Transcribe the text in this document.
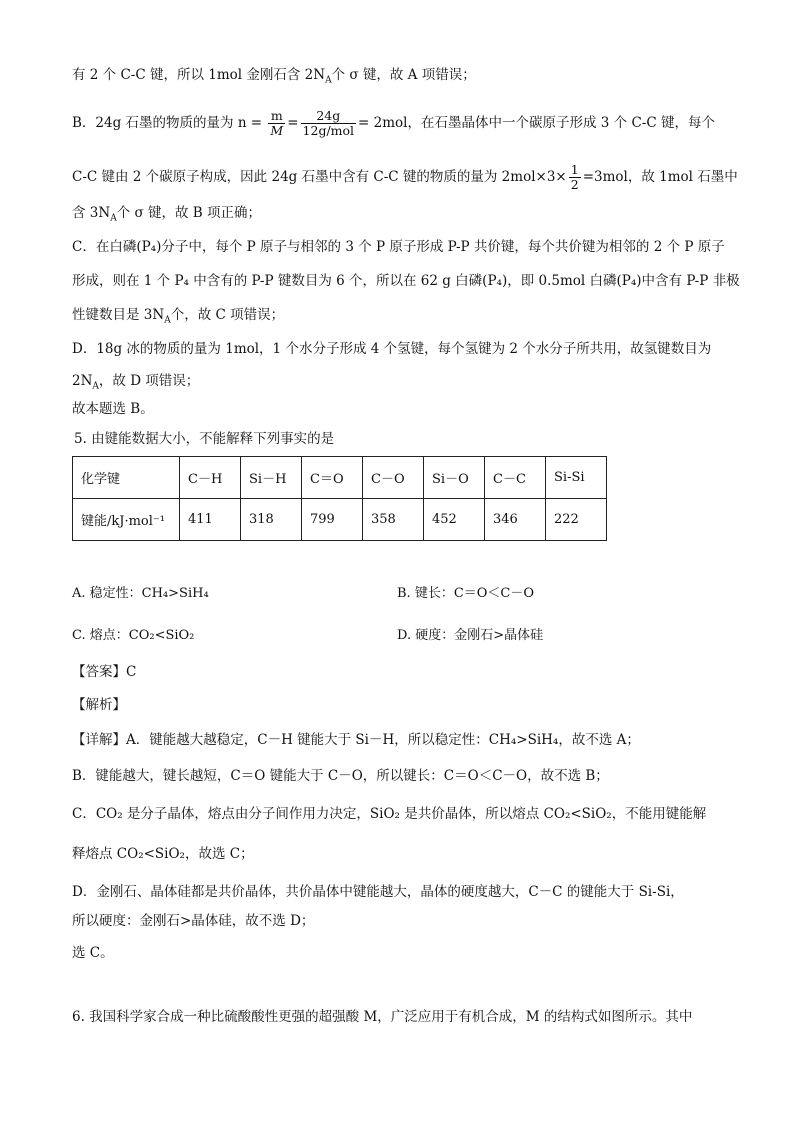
有 2 个 C-C 键，所以 1mol 金刚石含 $2N_A$个 σ 键，故 A 项错误；
B．24g 石墨的物质的量为 $n = \frac{m}{M} = \frac{24g}{\text{12g/mol}} = 2mol$，在石墨晶体中一个碳原子形成 3 个 C-C 键，每个
C-C 键由 2 个碳原子构成，因此 24g 石墨中含有 C-C 键的物质的量为 $2mol\times 3\times \frac{1}{2} =3mol$，故 1mol 石墨中
含 $3N_A$个 σ 键，故 B 项正确；
C．在白磷(P₄)分子中，每个 P 原子与相邻的 3 个 P 原子形成 P-P 共价键，每个共价键为相邻的 2 个 P 原子
形成，则在 1 个 P₄ 中含有的 P-P 键数目为 6 个，所以在 62 g 白磷(P₄)，即 0.5mol 白磷(P₄)中含有 P-P 非极
性键数目是 $3N_A$个，故 C 项错误；
D．18g 冰的物质的量为 1mol，1 个水分子形成 4 个氢键，每个氢键为 2 个水分子所共用，故氢键数目为
$2N_A$，故 D 项错误；
故本题选 B。
5. 由键能数据大小，不能解释下列事实的是
化学键	C－H	Si－H	C＝O	C－O	Si－O	C－C	Si-Si
键能/kJ·mol⁻¹	411	318	799	358	452	346	222
A. 稳定性：CH₄>SiH₄	B. 键长：C＝O＜C－O
C. 熔点：CO₂<SiO₂	D. 硬度：金刚石>晶体硅
【答案】C
【解析】
【详解】A．键能越大越稳定，C－H 键能大于 Si－H，所以稳定性：CH₄>SiH₄，故不选 A；
B．键能越大，键长越短，C＝O 键能大于 C－O，所以键长：C＝O＜C－O，故不选 B；
C．CO₂ 是分子晶体，熔点由分子间作用力决定，SiO₂ 是共价晶体，所以熔点 CO₂<SiO₂，不能用键能解
释熔点 CO₂<SiO₂，故选 C；
D．金刚石、晶体硅都是共价晶体，共价晶体中键能越大，晶体的硬度越大，C－C 的键能大于 Si-Si，
所以硬度：金刚石>晶体硅，故不选 D；
选 C。
6. 我国科学家合成一种比硫酸酸性更强的超强酸 M，广泛应用于有机合成，M 的结构式如图所示。其中
